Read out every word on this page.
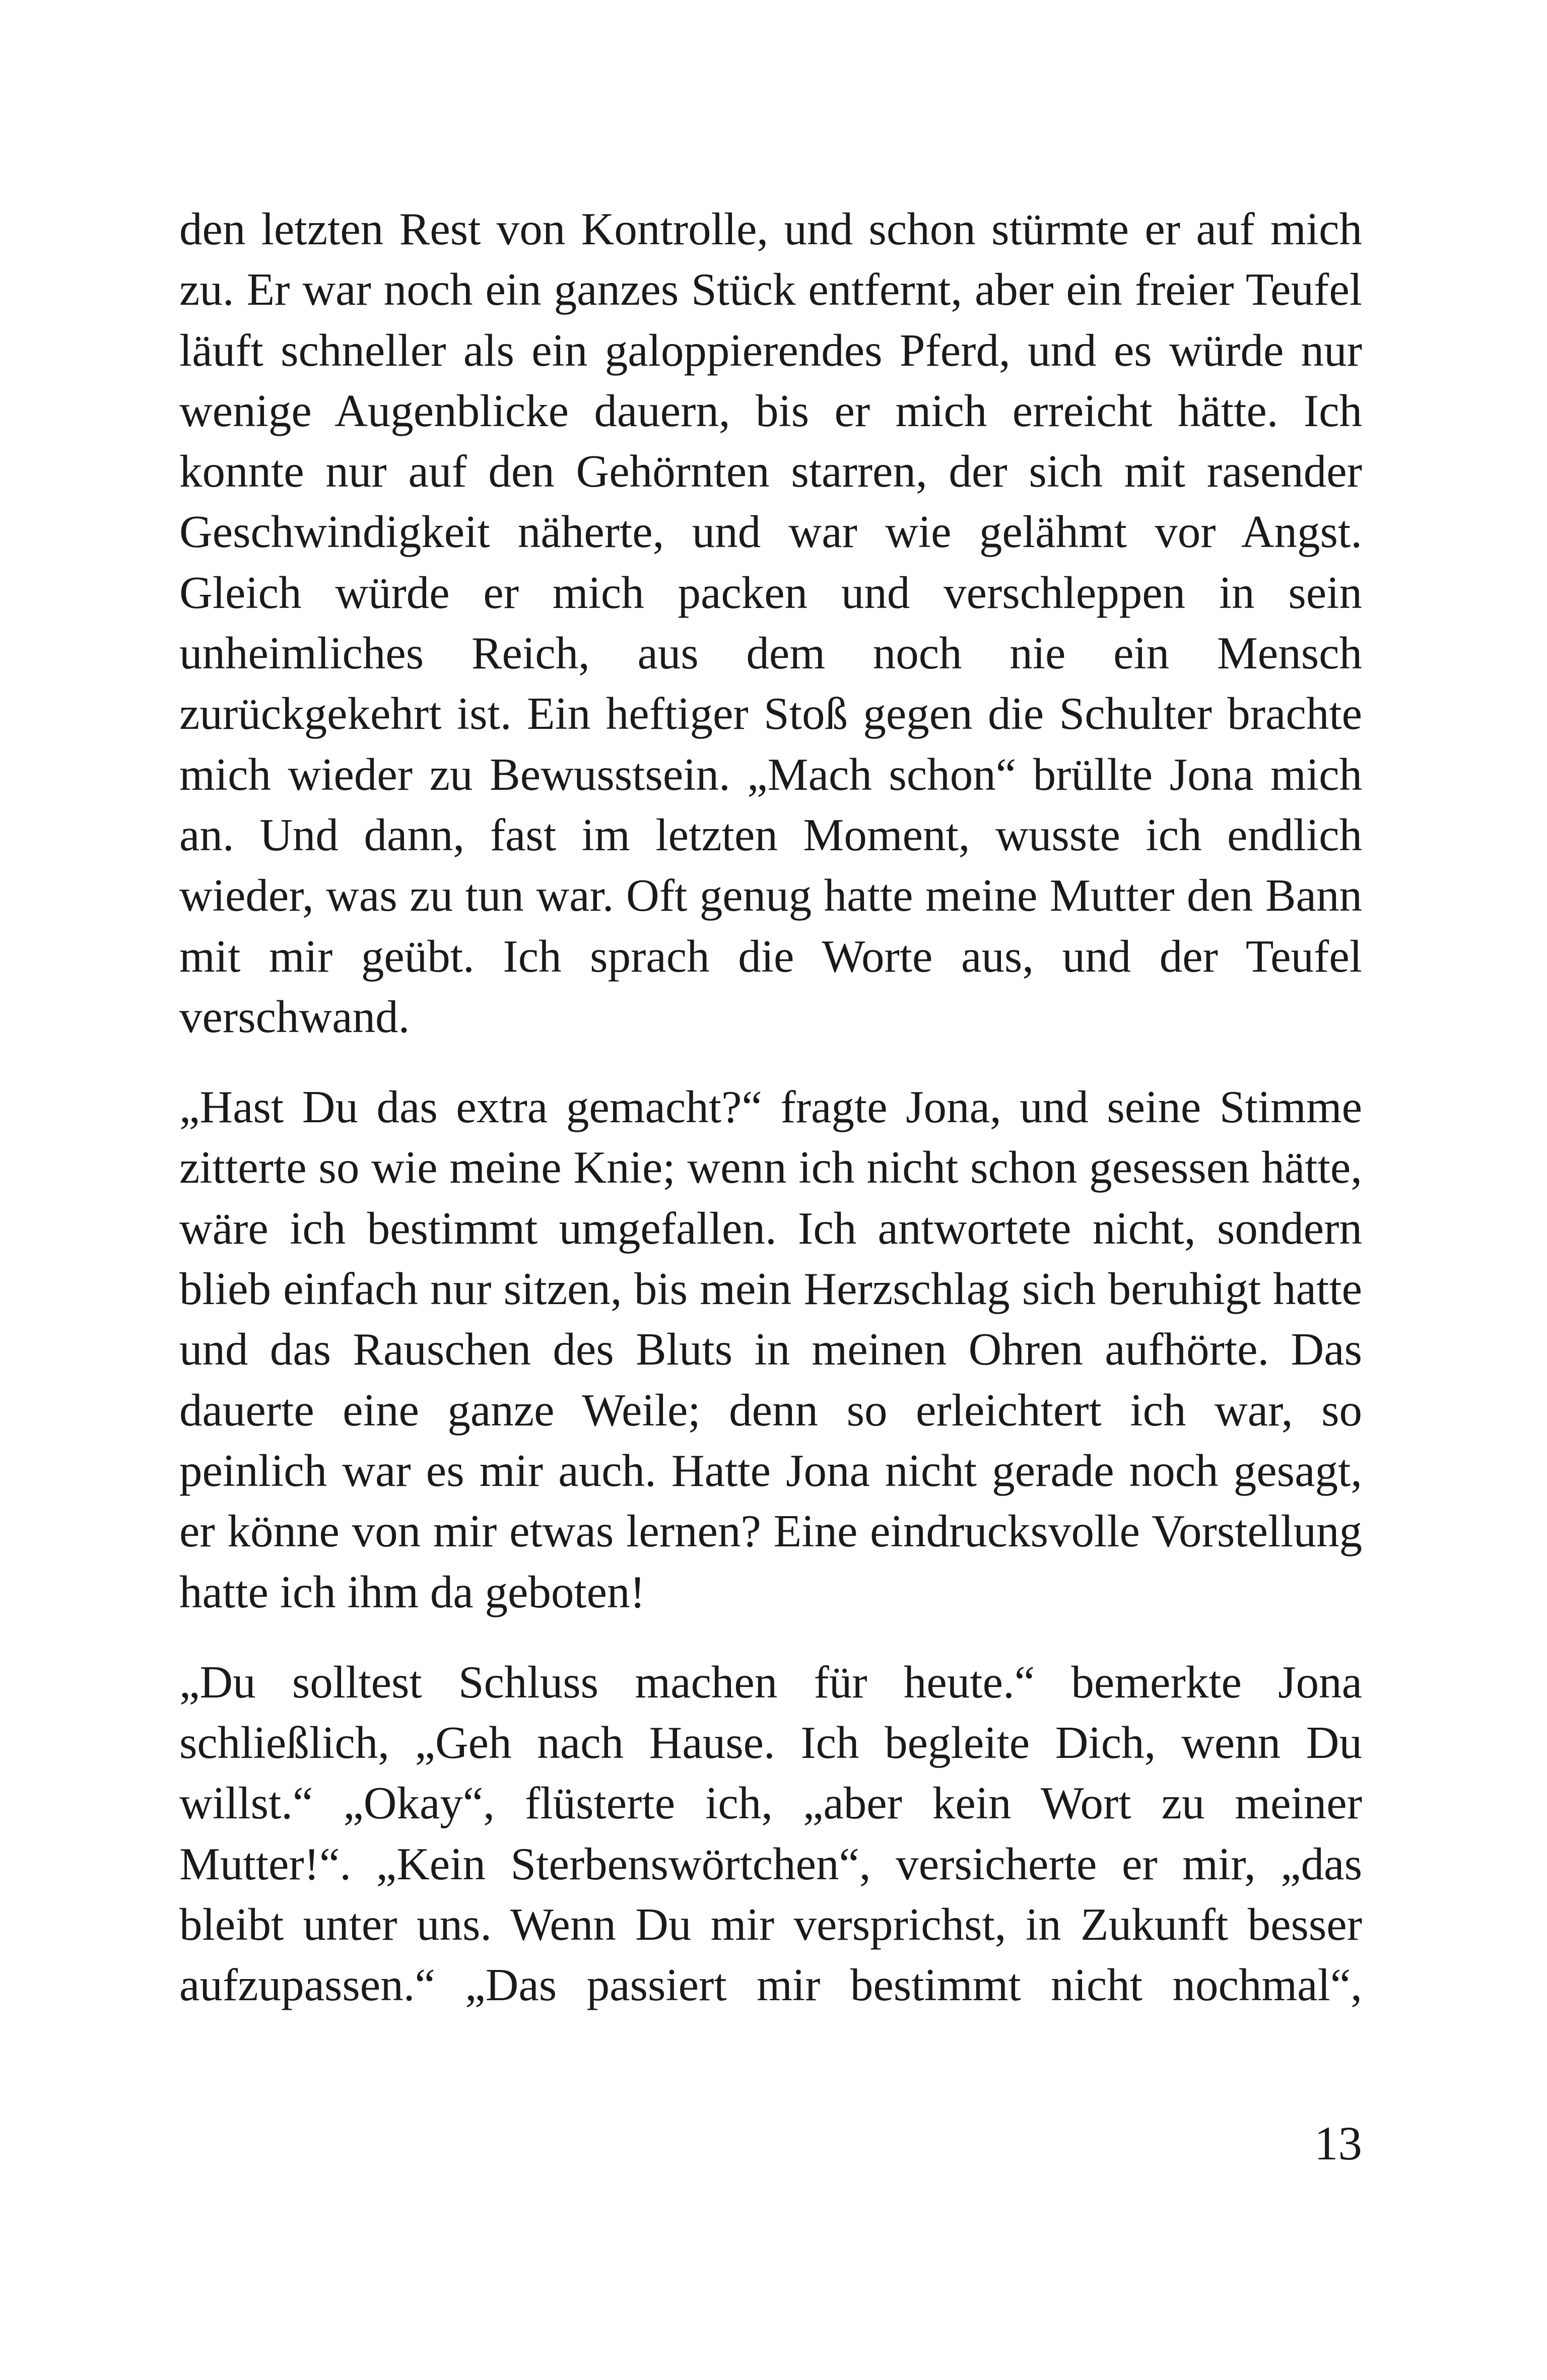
den letzten Rest von Kontrolle, und schon stürmte er auf mich zu. Er war noch ein ganzes Stück entfernt, aber ein freier Teufel läuft schneller als ein galoppierendes Pferd, und es würde nur wenige Augenblicke dauern, bis er mich erreicht hätte. Ich konnte nur auf den Gehörnten starren, der sich mit rasender Geschwindigkeit näherte, und war wie gelähmt vor Angst. Gleich würde er mich packen und verschleppen in sein unheimliches Reich, aus dem noch nie ein Mensch zurückgekehrt ist. Ein heftiger Stoß gegen die Schulter brachte mich wieder zu Bewusstsein. „Mach schon“ brüllte Jona mich an. Und dann, fast im letzten Moment, wusste ich endlich wieder, was zu tun war. Oft genug hatte meine Mutter den Bann mit mir geübt. Ich sprach die Worte aus, und der Teufel verschwand.

„Hast Du das extra gemacht?“ fragte Jona, und seine Stimme zitterte so wie meine Knie; wenn ich nicht schon gesessen hätte, wäre ich bestimmt umgefallen. Ich antwortete nicht, sondern blieb einfach nur sitzen, bis mein Herzschlag sich beruhigt hatte und das Rauschen des Bluts in meinen Ohren aufhörte. Das dauerte eine ganze Weile; denn so erleichtert ich war, so peinlich war es mir auch. Hatte Jona nicht gerade noch gesagt, er könne von mir etwas lernen? Eine eindrucksvolle Vorstellung hatte ich ihm da geboten!

„Du solltest Schluss machen für heute.“ bemerkte Jona schließlich, „Geh nach Hause. Ich begleite Dich, wenn Du willst.“ „Okay“, flüsterte ich, „aber kein Wort zu meiner Mutter!“. „Kein Sterbenswörtchen“, versicherte er mir, „das bleibt unter uns. Wenn Du mir versprichst, in Zukunft besser aufzupassen.“ „Das passiert mir bestimmt nicht nochmal“,

13
